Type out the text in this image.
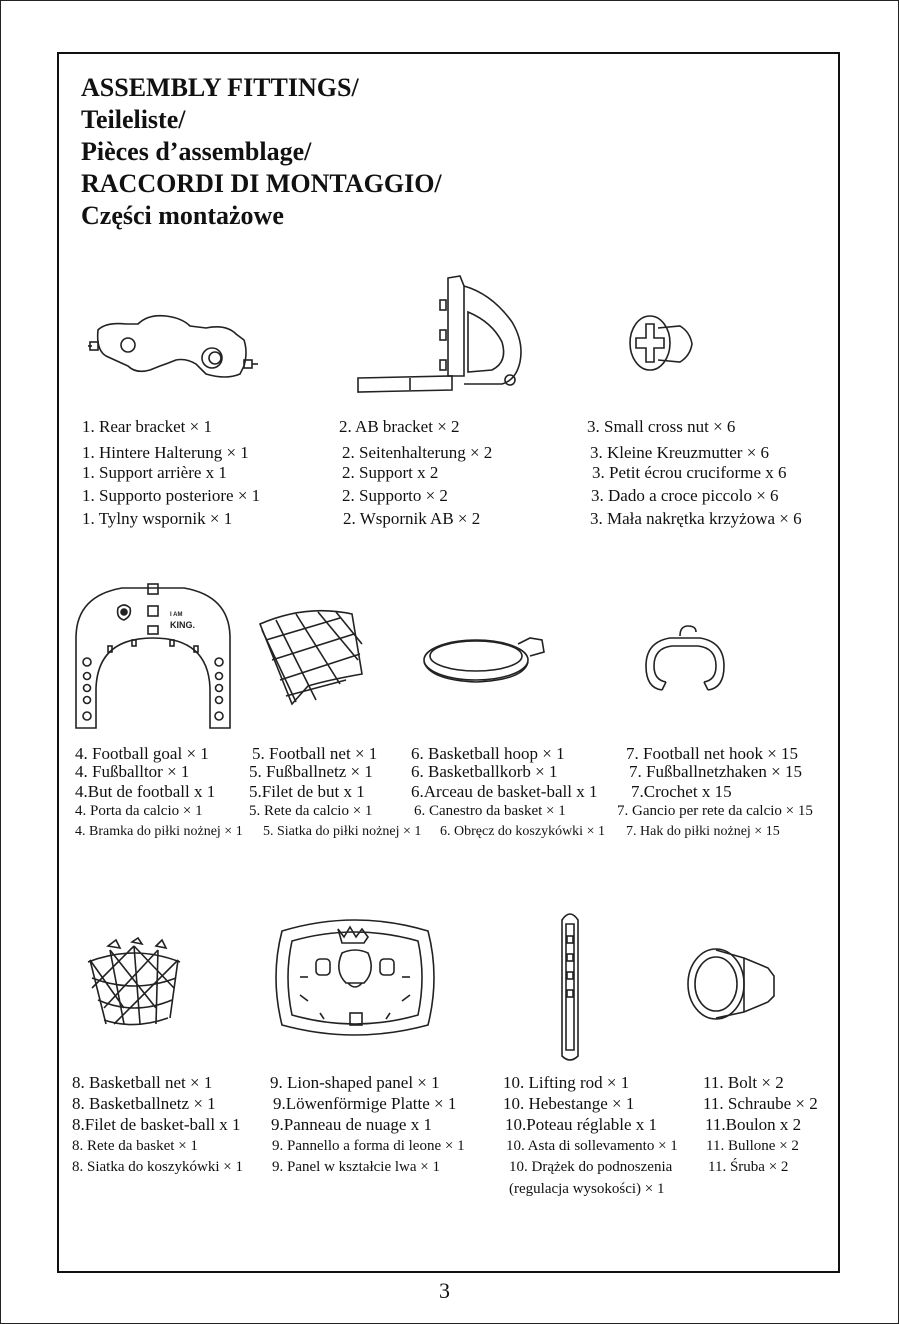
ASSEMBLY FITTINGS/
Teileliste/
Pièces d’assemblage/
RACCORDI DI MONTAGGIO/
Części montażowe
1. Rear bracket × 1
1. Hintere Halterung × 1
1. Support arrière x 1
1. Supporto posteriore × 1
1. Tylny wspornik × 1
2. AB bracket × 2
2. Seitenhalterung × 2
2. Support x 2
2. Supporto × 2
2. Wspornik AB × 2
3. Small cross nut × 6
3. Kleine Kreuzmutter × 6
3. Petit écrou cruciforme x 6
3. Dado a croce piccolo × 6
3. Mała nakrętka krzyżowa × 6
I AM
KING.
4. Football goal × 1
4. Fußballtor × 1
4.But de football x 1
4. Porta da calcio × 1
4. Bramka do piłki nożnej × 1
5. Football net × 1
5. Fußballnetz × 1
5.Filet de but x 1
5. Rete da calcio × 1
5. Siatka do piłki nożnej × 1
6. Basketball hoop × 1
6. Basketballkorb × 1
6.Arceau de basket-ball x 1
6. Canestro da basket × 1
6. Obręcz do koszykówki × 1
7. Football net hook × 15
7. Fußballnetzhaken × 15
7.Crochet x 15
7. Gancio per rete da calcio × 15
7. Hak do piłki nożnej × 15
8. Basketball net × 1
8. Basketballnetz × 1
8.Filet de basket-ball x 1
8. Rete da basket × 1
8. Siatka do koszykówki × 1
9. Lion-shaped panel × 1
9.Löwenförmige Platte × 1
9.Panneau de nuage x 1
9. Pannello a forma di leone × 1
9. Panel w kształcie lwa × 1
10. Lifting rod × 1
10. Hebestange × 1
10.Poteau réglable x 1
10. Asta di sollevamento × 1
10. Drążek do podnoszenia
(regulacja wysokości) × 1
11. Bolt × 2
11. Schraube × 2
11.Boulon x 2
11. Bullone × 2
11. Śruba × 2
3
